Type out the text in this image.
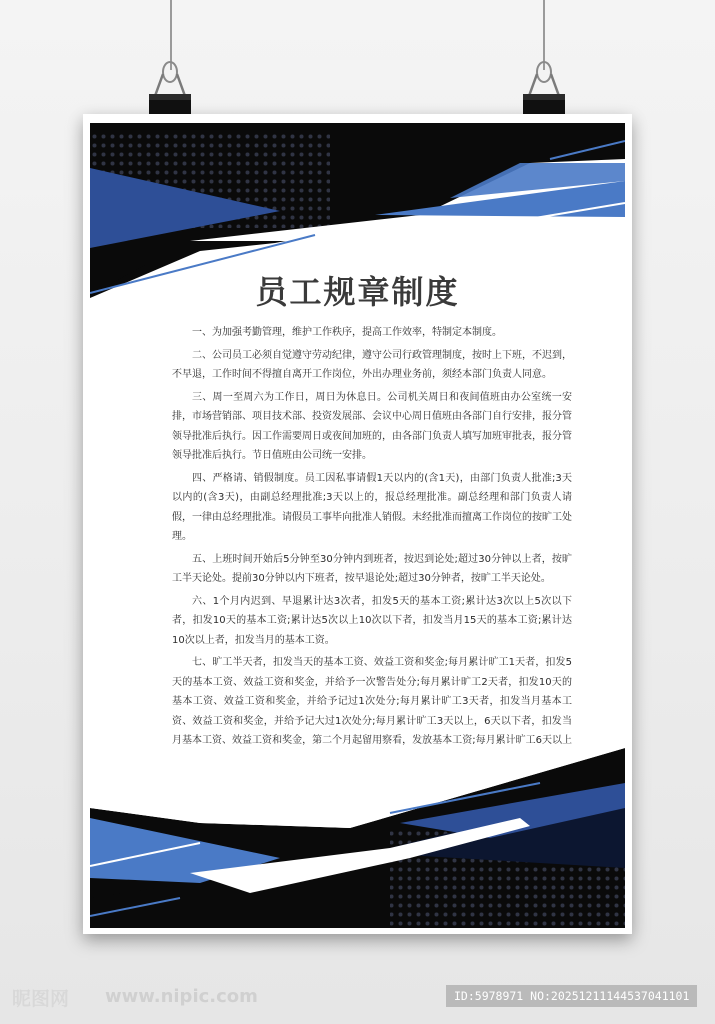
员工规章制度

一、为加强考勤管理，维护工作秩序，提高工作效率，特制定本制度。

二、公司员工必须自觉遵守劳动纪律，遵守公司行政管理制度，按时上下班，不迟到，不早退，工作时间不得擅自离开工作岗位，外出办理业务前，须经本部门负责人同意。

三、周一至周六为工作日，周日为休息日。公司机关周日和夜间值班由办公室统一安排，市场营销部、项目技术部、投资发展部、会议中心周日值班由各部门自行安排，报分管领导批准后执行。因工作需要周日或夜间加班的，由各部门负责人填写加班审批表，报分管领导批准后执行。节日值班由公司统一安排。

四、严格请、销假制度。员工因私事请假1天以内的(含1天)，由部门负责人批准;3天以内的(含3天)，由副总经理批准;3天以上的，报总经理批准。副总经理和部门负责人请假，一律由总经理批准。请假员工事毕向批准人销假。未经批准而擅离工作岗位的按旷工处理。

五、上班时间开始后5分钟至30分钟内到班者，按迟到论处;超过30分钟以上者，按旷工半天论处。提前30分钟以内下班者，按早退论处;超过30分钟者，按旷工半天论处。

六、1个月内迟到、早退累计达3次者，扣发5天的基本工资;累计达3次以上5次以下者，扣发10天的基本工资;累计达5次以上10次以下者，扣发当月15天的基本工资;累计达10次以上者，扣发当月的基本工资。

七、旷工半天者，扣发当天的基本工资、效益工资和奖金;每月累计旷工1天者，扣发5天的基本工资、效益工资和奖金，并给予一次警告处分;每月累计旷工2天者，扣发10天的基本工资、效益工资和奖金，并给予记过1次处分;每月累计旷工3天者，扣发当月基本工资、效益工资和奖金，并给予记大过1次处分;每月累计旷工3天以上，6天以下者，扣发当月基本工资、效益工资和奖金，第二个月起留用察看，发放基本工资;每月累计旷工6天以上

昵图网 www.nipic.com	ID:5978971 NO:20251211144537041101
